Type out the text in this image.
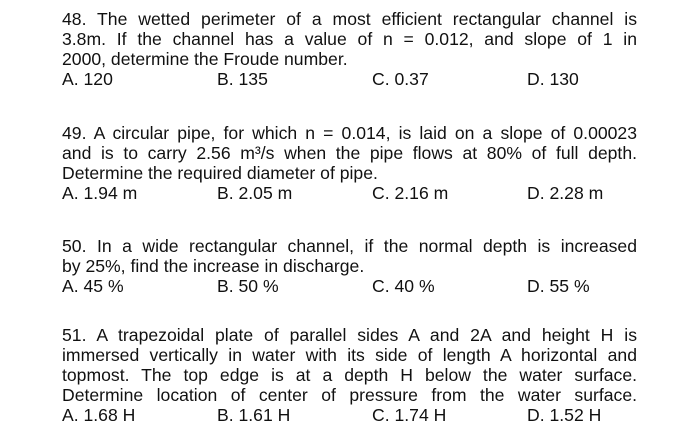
48. The wetted perimeter of a most efficient rectangular channel is
3.8m. If the channel has a value of n = 0.012, and slope of 1 in
2000, determine the Froude number.
A. 120	B. 135	C. 0.37	D. 130
49. A circular pipe, for which n = 0.014, is laid on a slope of 0.00023
and is to carry 2.56 m³/s when the pipe flows at 80% of full depth.
Determine the required diameter of pipe.
A. 1.94 m	B. 2.05 m	C. 2.16 m	D. 2.28 m
50. In a wide rectangular channel, if the normal depth is increased
by 25%, find the increase in discharge.
A. 45 %	B. 50 %	C. 40 %	D. 55 %
51. A trapezoidal plate of parallel sides A and 2A and height H is
immersed vertically in water with its side of length A horizontal and
topmost. The top edge is at a depth H below the water surface.
Determine location of center of pressure from the water surface.
A. 1.68 H	B. 1.61 H	C. 1.74 H	D. 1.52 H
